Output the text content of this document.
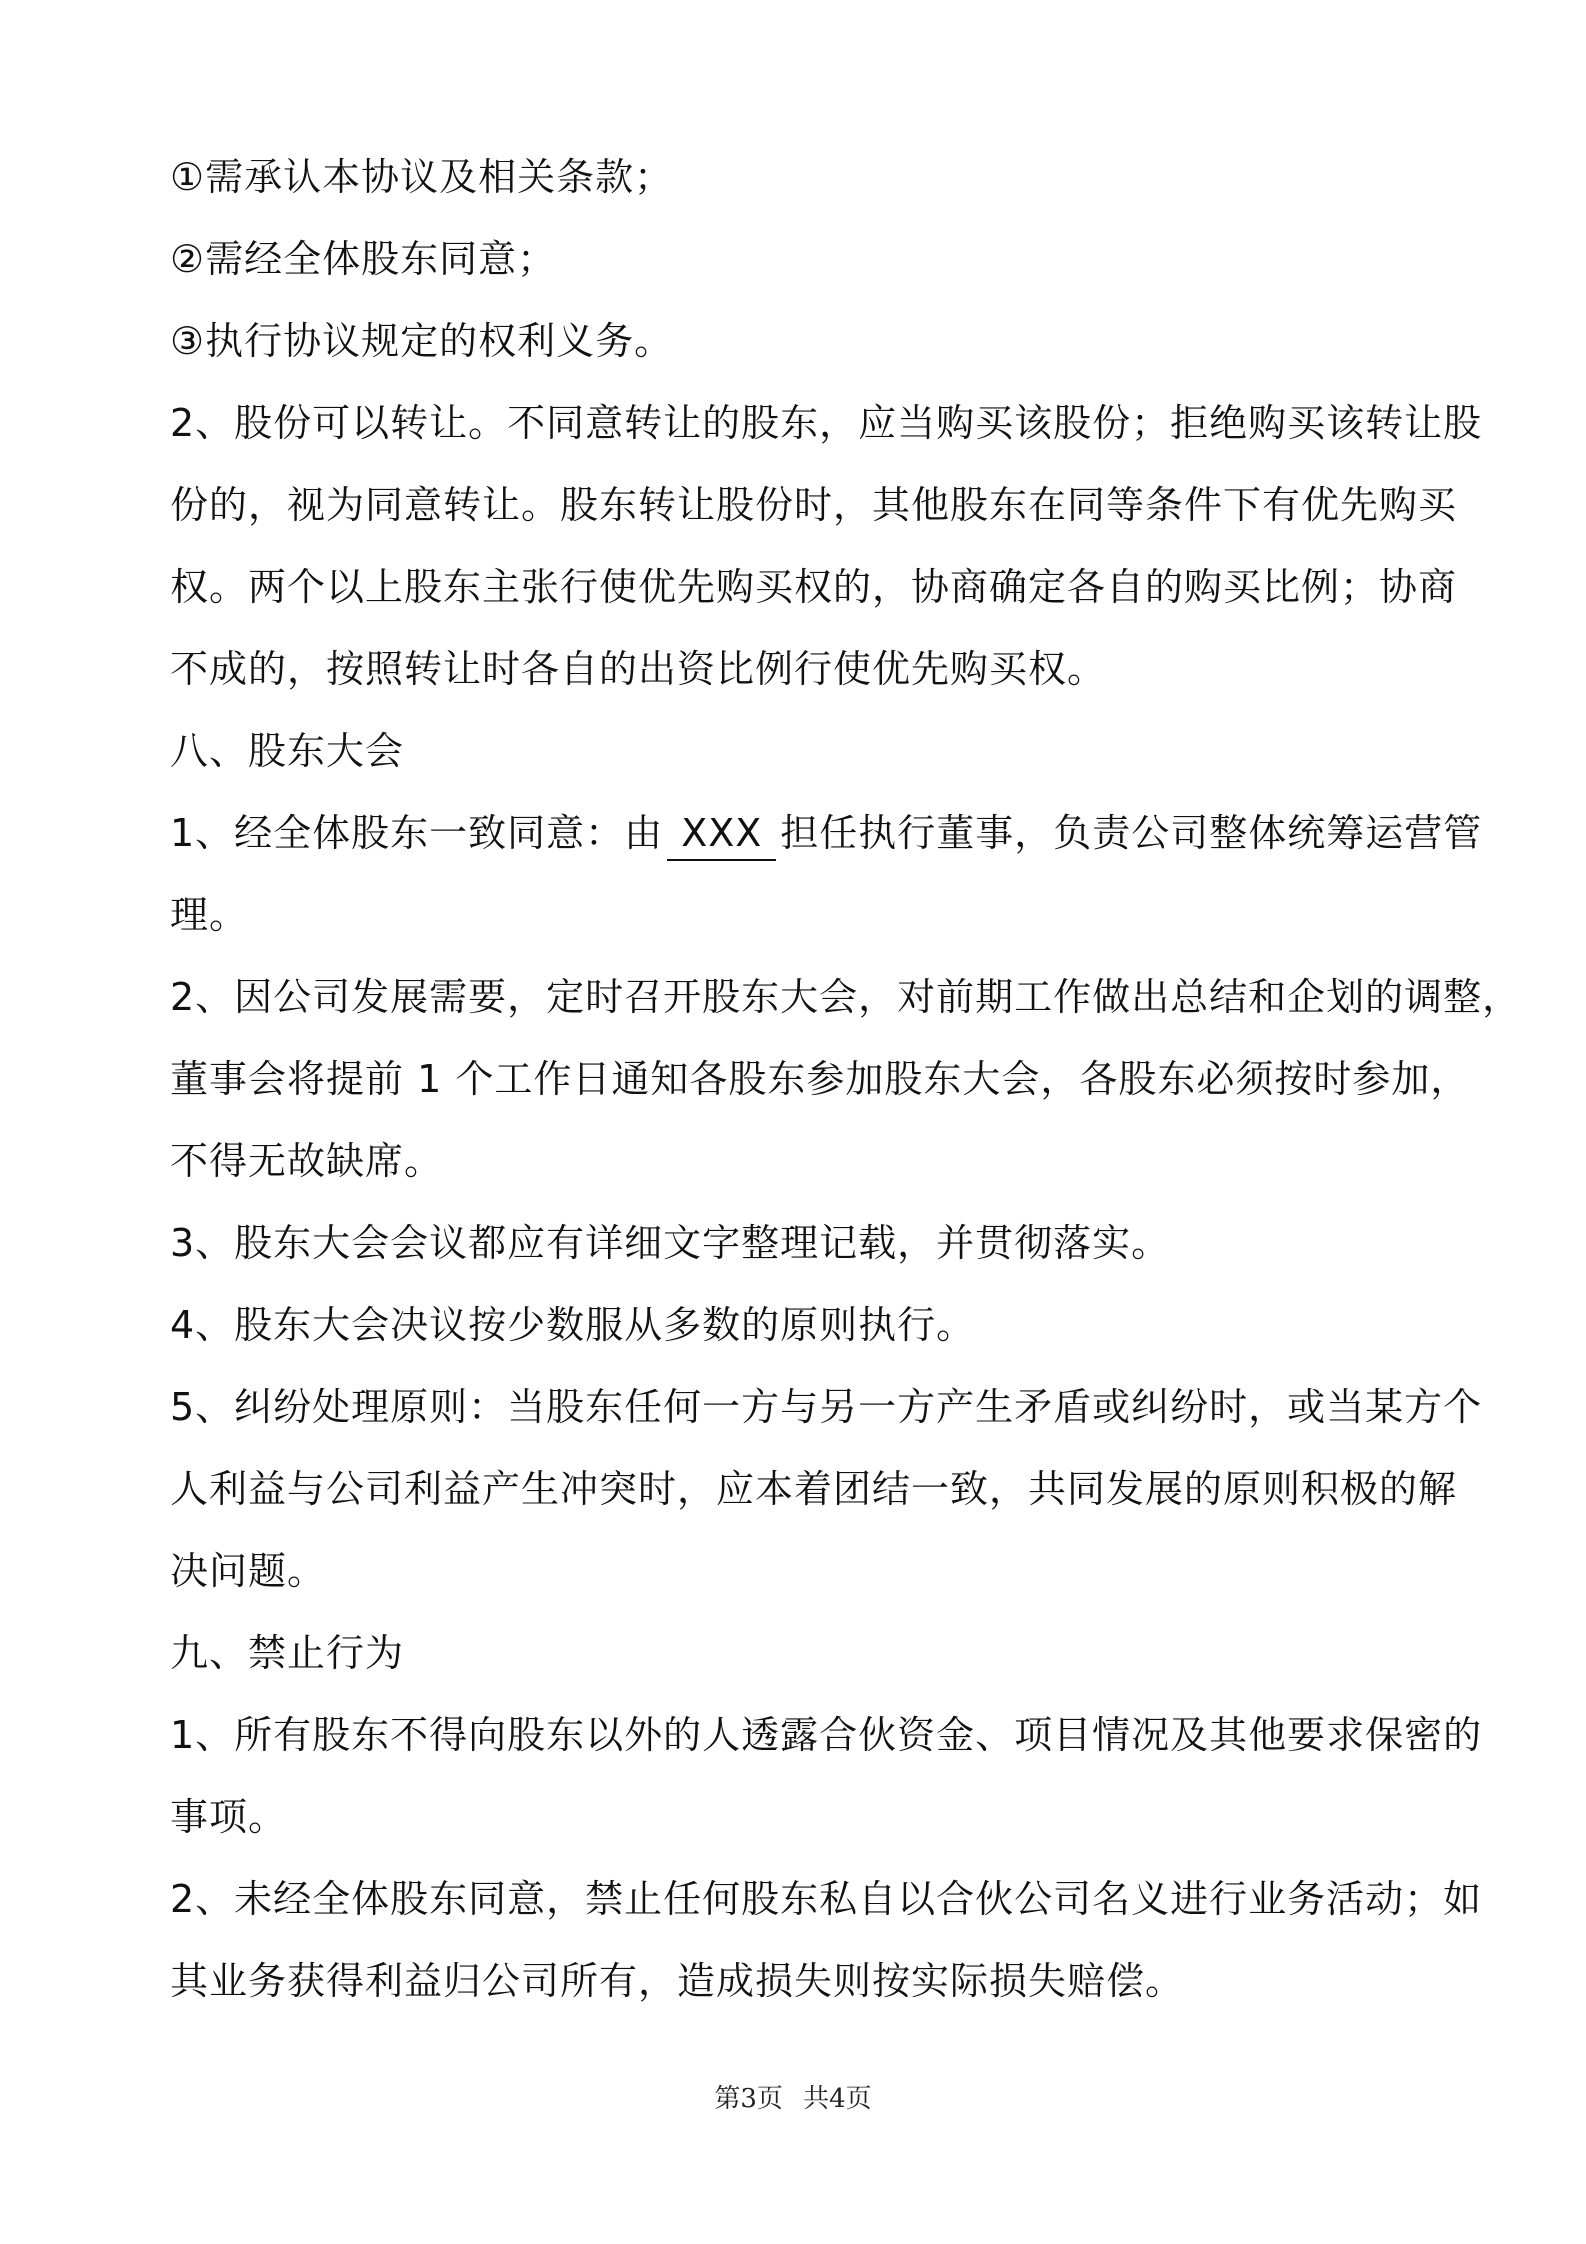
①需承认本协议及相关条款；
②需经全体股东同意；
③执行协议规定的权利义务。
2、股份可以转让。不同意转让的股东，应当购买该股份；拒绝购买该转让股
份的，视为同意转让。股东转让股份时，其他股东在同等条件下有优先购买
权。两个以上股东主张行使优先购买权的，协商确定各自的购买比例；协商
不成的，按照转让时各自的出资比例行使优先购买权。
八、股东大会
1、经全体股东一致同意：由 XXX 担任执行董事，负责公司整体统筹运营管
理。
2、因公司发展需要，定时召开股东大会，对前期工作做出总结和企划的调整，
董事会将提前 1 个工作日通知各股东参加股东大会，各股东必须按时参加，
不得无故缺席。
3、股东大会会议都应有详细文字整理记载，并贯彻落实。
4、股东大会决议按少数服从多数的原则执行。
5、纠纷处理原则：当股东任何一方与另一方产生矛盾或纠纷时，或当某方个
人利益与公司利益产生冲突时，应本着团结一致，共同发展的原则积极的解
决问题。
九、禁止行为
1、所有股东不得向股东以外的人透露合伙资金、项目情况及其他要求保密的
事项。
2、未经全体股东同意，禁止任何股东私自以合伙公司名义进行业务活动；如
其业务获得利益归公司所有，造成损失则按实际损失赔偿。
第3页 共4页
